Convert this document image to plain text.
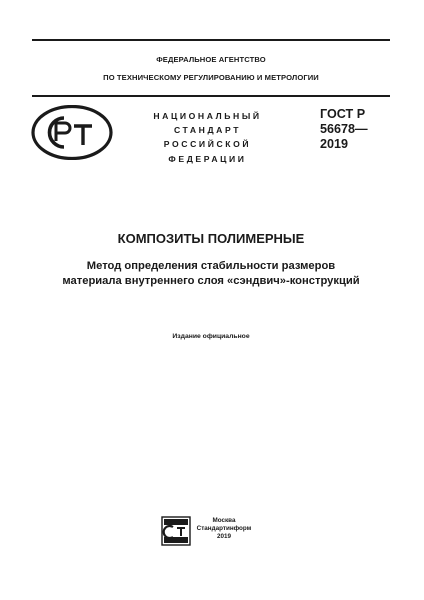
ФЕДЕРАЛЬНОЕ АГЕНТСТВО
ПО ТЕХНИЧЕСКОМУ РЕГУЛИРОВАНИЮ И МЕТРОЛОГИИ
НАЦИОНАЛЬНЫЙ
СТАНДАРТ
РОССИЙСКОЙ
ФЕДЕРАЦИИ
ГОСТ Р
56678—
2019
КОМПОЗИТЫ ПОЛИМЕРНЫЕ
Метод определения стабильности размеров
материала внутреннего слоя «сэндвич»-конструкций
Издание официальное
Москва
Стандартинформ
2019
